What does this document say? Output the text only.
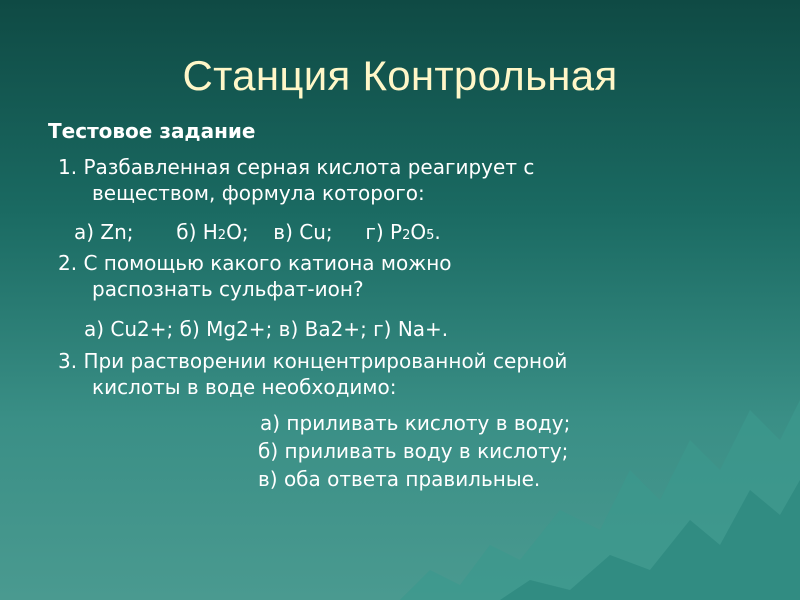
Станция Контрольная
Тестовое задание
1. Разбавленная серная кислота реагирует с
веществом, формула которого:
а) Zn; б) H2O; в) Cu; г) P2O5.
2. С помощью какого катиона можно
распознать сульфат-ион?
а) Cu2+; б) Mg2+; в) Ba2+; г) Na+.
3. При растворении концентрированной серной
кислоты в воде необходимо:
а) приливать кислоту в воду;
б) приливать воду в кислоту;
в) оба ответа правильные.
